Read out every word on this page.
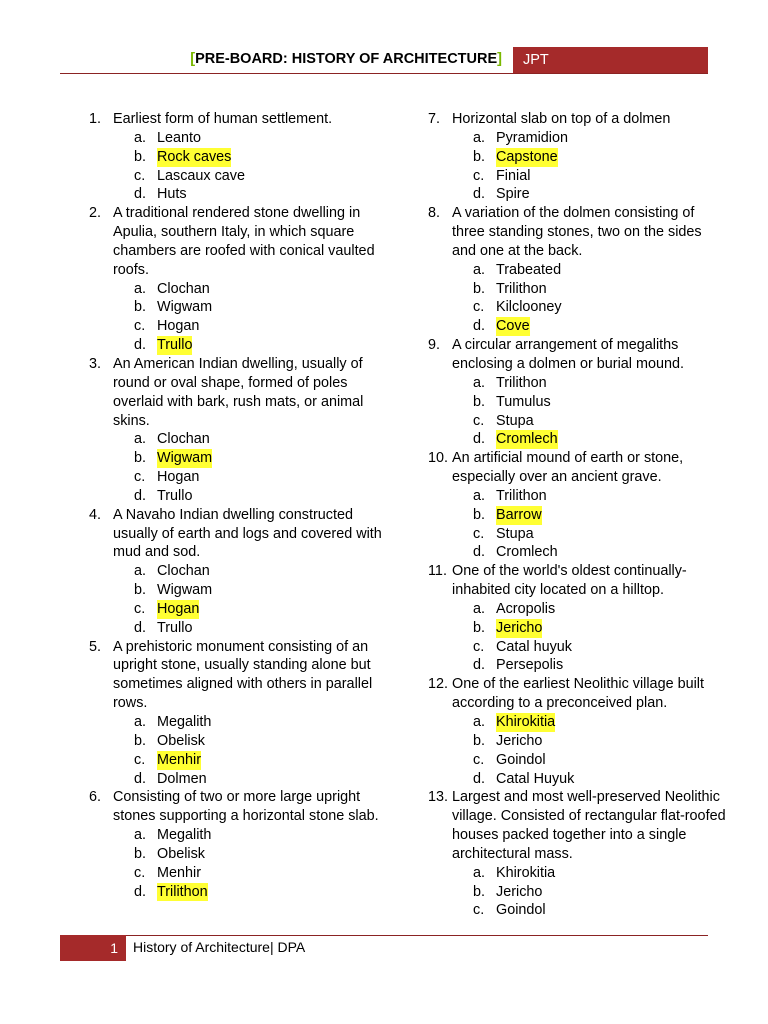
[PRE-BOARD: HISTORY OF ARCHITECTURE]	JPT
1. Earliest form of human settlement.
a. Leanto
b. Rock caves
c. Lascaux cave
d. Huts
2. A traditional rendered stone dwelling in Apulia, southern Italy, in which square chambers are roofed with conical vaulted roofs.
a. Clochan
b. Wigwam
c. Hogan
d. Trullo
3. An American Indian dwelling, usually of round or oval shape, formed of poles overlaid with bark, rush mats, or animal skins.
a. Clochan
b. Wigwam
c. Hogan
d. Trullo
4. A Navaho Indian dwelling constructed usually of earth and logs and covered with mud and sod.
a. Clochan
b. Wigwam
c. Hogan
d. Trullo
5. A prehistoric monument consisting of an upright stone, usually standing alone but sometimes aligned with others in parallel rows.
a. Megalith
b. Obelisk
c. Menhir
d. Dolmen
6. Consisting of two or more large upright stones supporting a horizontal stone slab.
a. Megalith
b. Obelisk
c. Menhir
d. Trilithon
7. Horizontal slab on top of a dolmen
a. Pyramidion
b. Capstone
c. Finial
d. Spire
8. A variation of the dolmen consisting of three standing stones, two on the sides and one at the back.
a. Trabeated
b. Trilithon
c. Kilclooney
d. Cove
9. A circular arrangement of megaliths enclosing a dolmen or burial mound.
a. Trilithon
b. Tumulus
c. Stupa
d. Cromlech
10. An artificial mound of earth or stone, especially over an ancient grave.
a. Trilithon
b. Barrow
c. Stupa
d. Cromlech
11. One of the world's oldest continually-inhabited city located on a hilltop.
a. Acropolis
b. Jericho
c. Catal huyuk
d. Persepolis
12. One of the earliest Neolithic village built according to a preconceived plan.
a. Khirokitia
b. Jericho
c. Goindol
d. Catal Huyuk
13. Largest and most well-preserved Neolithic village. Consisted of rectangular flat-roofed houses packed together into a single architectural mass.
a. Khirokitia
b. Jericho
c. Goindol
1	History of Architecture| DPA
